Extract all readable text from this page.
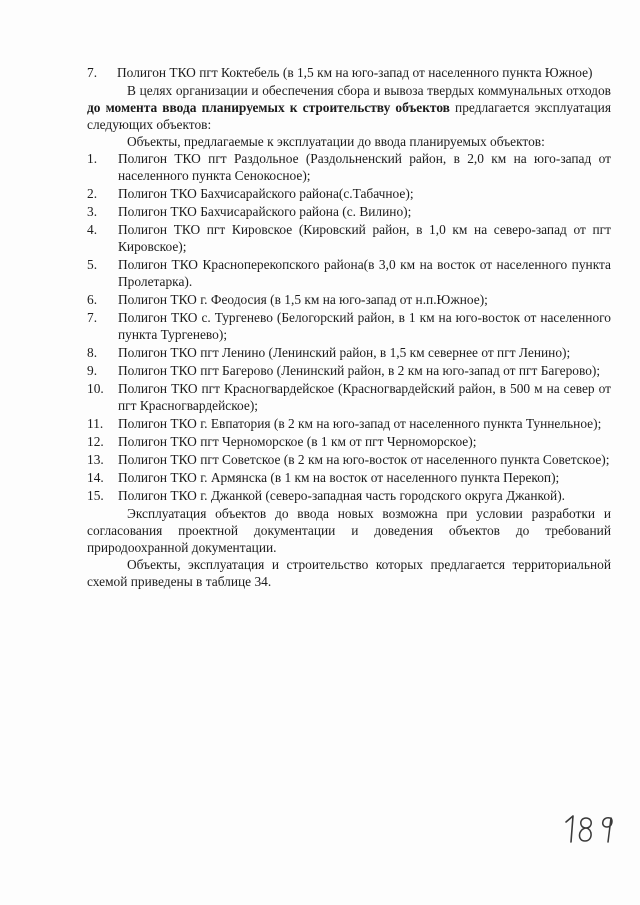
7.	Полигон ТКО пгт Коктебель (в 1,5 км на юго-запад от населенного пункта Южное)

В целях организации и обеспечения сбора и вывоза твердых коммунальных отходов до момента ввода планируемых к строительству объектов предлагается эксплуатация следующих объектов:

Объекты, предлагаемые к эксплуатации до ввода планируемых объектов:

1.	Полигон ТКО пгт Раздольное (Раздольненский район, в 2,0 км на юго-запад от населенного пункта Сенокосное);
2.	Полигон ТКО Бахчисарайского района(с.Табачное);
3.	Полигон ТКО Бахчисарайского района (с. Вилино);
4.	Полигон ТКО пгт Кировское (Кировский район, в 1,0 км на северо-запад от пгт Кировское);
5.	Полигон ТКО Красноперекопского района(в 3,0 км на восток от населенного пункта Пролетарка).
6.	Полигон ТКО г. Феодосия (в 1,5 км на юго-запад от н.п.Южное);
7.	Полигон ТКО с. Тургенево (Белогорский район, в 1 км на юго-восток от населенного пункта Тургенево);
8.	Полигон ТКО пгт Ленино (Ленинский район, в 1,5 км севернее от пгт Ленино);
9.	Полигон ТКО пгт Багерово (Ленинский район, в 2 км на юго-запад от пгт Багерово);
10.	Полигон ТКО пгт Красногвардейское (Красногвардейский район, в 500 м на север от пгт Красногвардейское);
11.	Полигон ТКО г. Евпатория (в 2 км на юго-запад от населенного пункта Туннельное);
12.	Полигон ТКО пгт Черноморское (в 1 км от пгт Черноморское);
13.	Полигон ТКО пгт Советское (в 2 км на юго-восток от населенного пункта Советское);
14.	Полигон ТКО г. Армянска (в 1 км на восток от населенного пункта Перекоп);
15.	Полигон ТКО г. Джанкой (северо-западная часть городского округа Джанкой).

Эксплуатация объектов до ввода новых возможна при условии разработки и согласования проектной документации и доведения объектов до требований природоохранной документации.

Объекты, эксплуатация и строительство которых предлагается территориальной схемой приведены в таблице 34.
